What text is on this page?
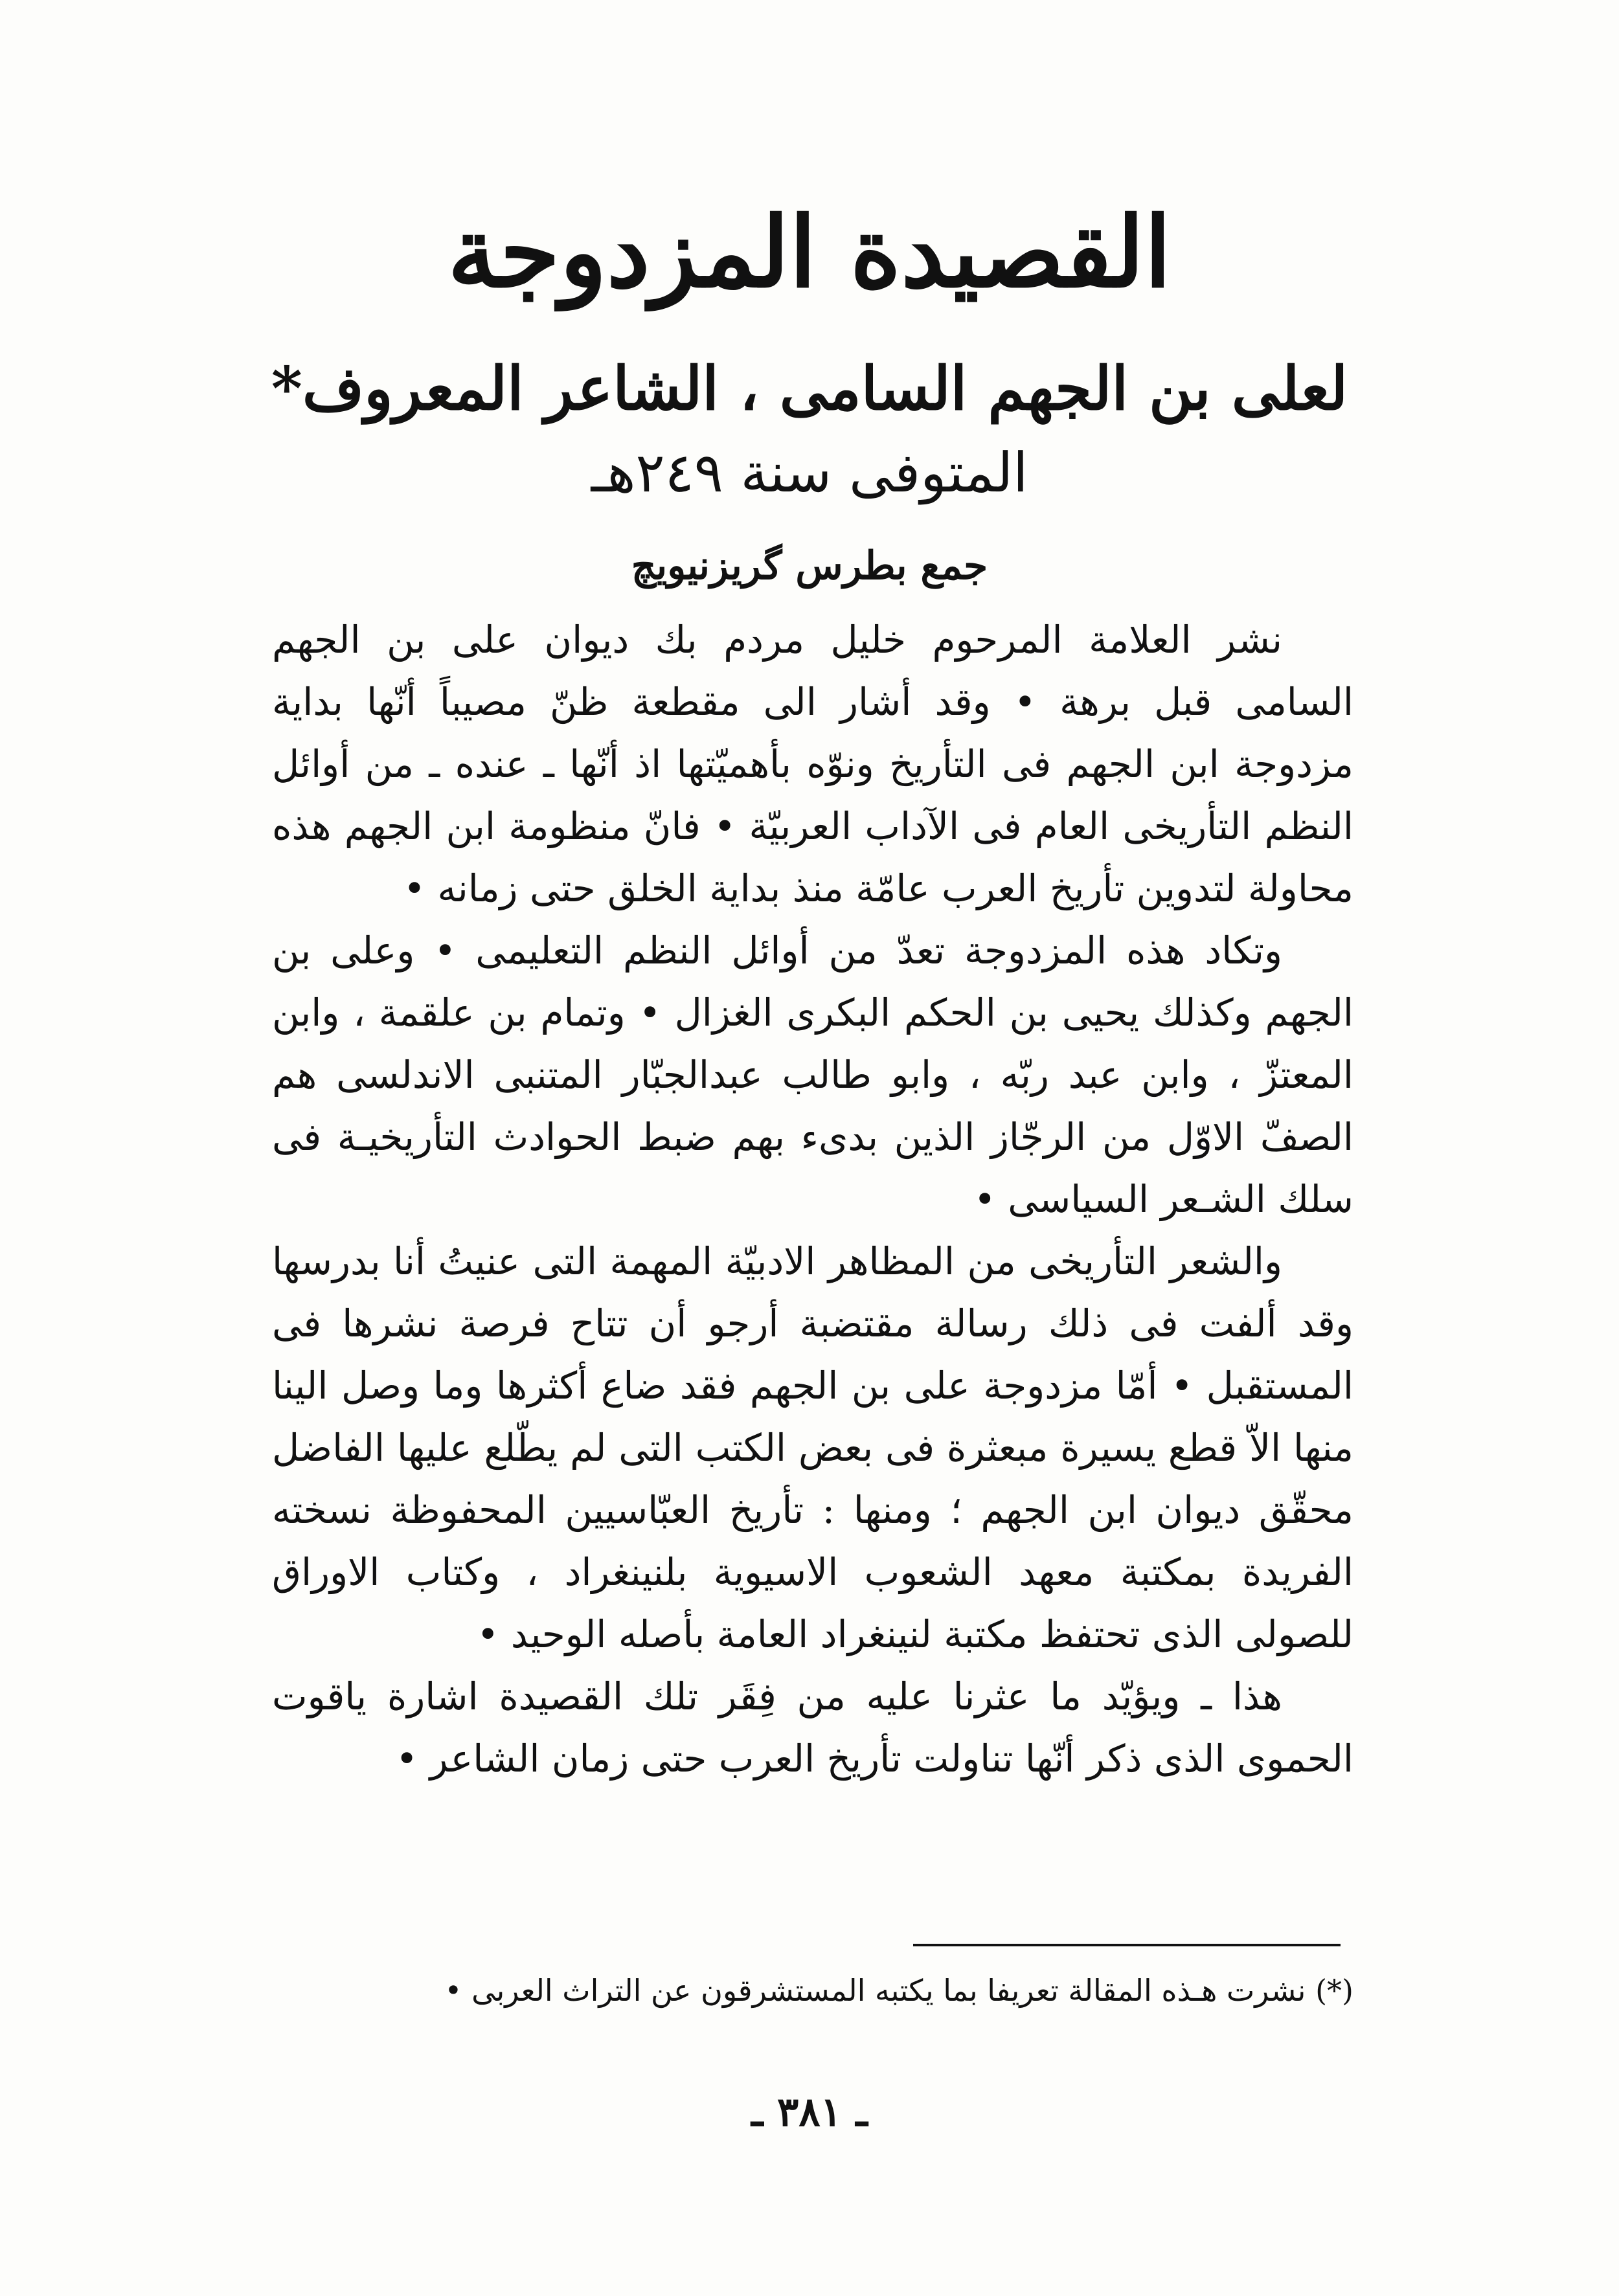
القصيدة المزدوجة
لعلى بن الجهم السامى ، الشاعر المعروف*
المتوفى سنة ٢٤٩هـ
جمع بطرس گريزنيويچ

نشر العلامة المرحوم خليل مردم بك ديوان على بن الجهم السامى قبل برهة • وقد أشار الى مقطعة ظنّ مصيباً أنّها بداية مزدوجة ابن الجهم فى التأريخ ونوّه بأهميّتها اذ أنّها ـ عنده ـ من أوائل النظم التأريخى العام فى الآداب العربيّة • فانّ منظومة ابن الجهم هذه محاولة لتدوين تأريخ العرب عامّة منذ بداية الخلق حتى زمانه •

وتكاد هذه المزدوجة تعدّ من أوائل النظم التعليمى • وعلى بن الجهم وكذلك يحيى بن الحكم البكرى الغزال • وتمام بن علقمة ، وابن المعتزّ ، وابن عبد ربّه ، وابو طالب عبدالجبّار المتنبى الاندلسى هم الصفّ الاوّل من الرجّاز الذين بدىء بهم ضبط الحوادث التأريخيـة فى سلك الشـعر السياسى •

والشعر التأريخى من المظاهر الادبيّة المهمة التى عنيتُ أنا بدرسها وقد ألفت فى ذلك رسالة مقتضبة أرجو أن تتاح فرصة نشرها فى المستقبل • أمّا مزدوجة على بن الجهم فقد ضاع أكثرها وما وصل الينا منها الاّ قطع يسيرة مبعثرة فى بعض الكتب التى لم يطّلع عليها الفاضل محقّق ديوان ابن الجهم ؛ ومنها : تأريخ العبّاسيين المحفوظة نسخته الفريدة بمكتبة معهد الشعوب الاسيوية بلنينغراد ، وكتاب الاوراق للصولى الذى تحتفظ مكتبة لنينغراد العامة بأصله الوحيد •

هذا ـ ويؤيّد ما عثرنا عليه من فِقَر تلك القصيدة اشارة ياقوت الحموى الذى ذكر أنّها تناولت تأريخ العرب حتى زمان الشاعر •

(*) نشرت هـذه المقالة تعريفا بما يكتبه المستشرقون عن التراث العربى •
ـ ٣٨١ ـ
